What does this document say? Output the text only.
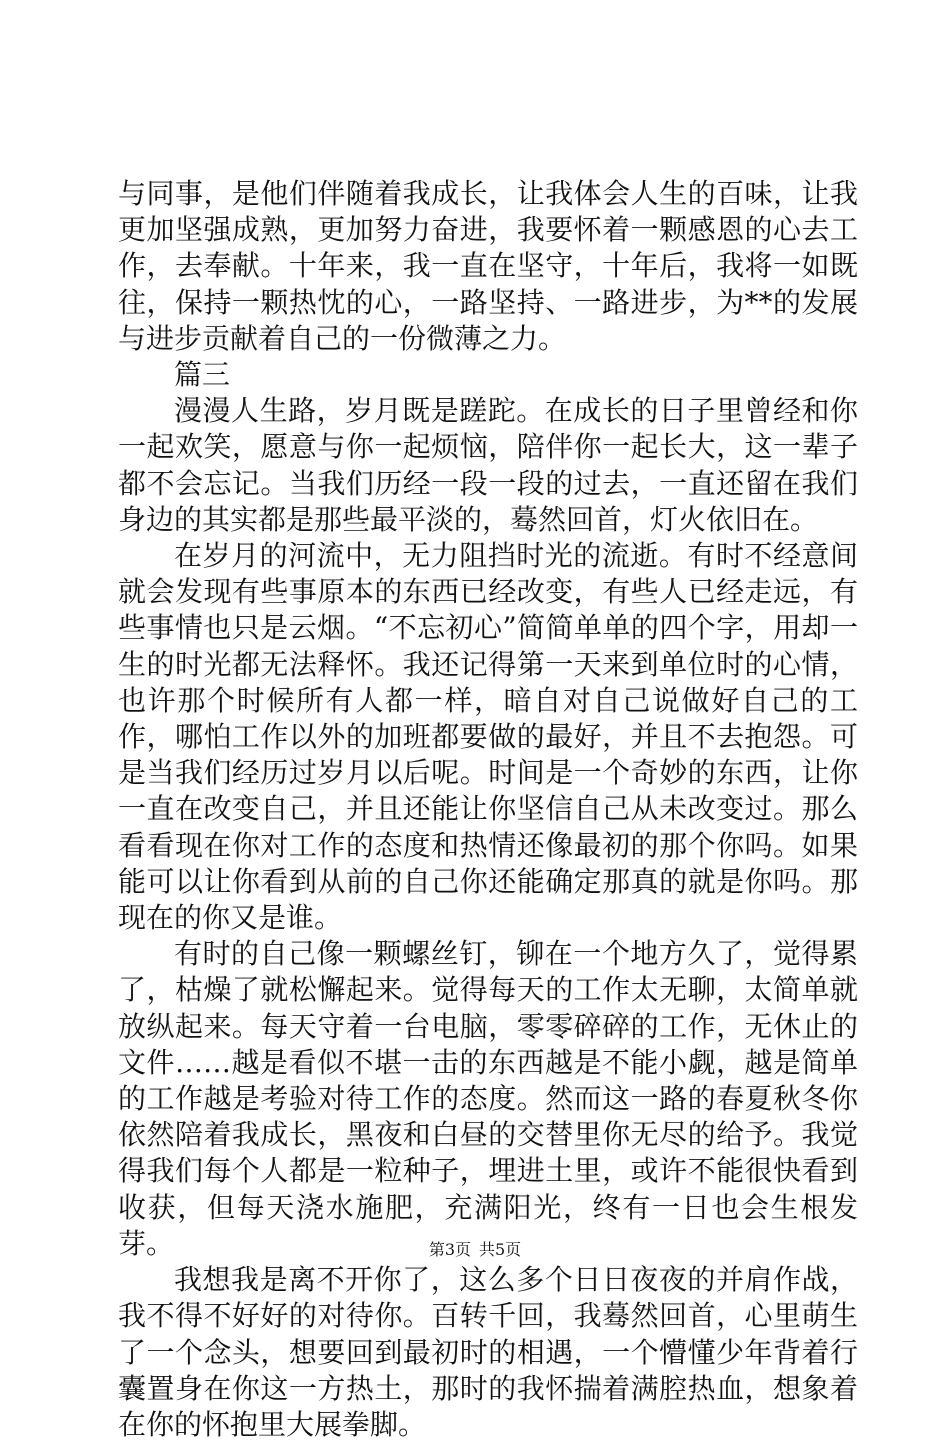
与同事，是他们伴随着我成长，让我体会人生的百味，让我更加坚强成熟，更加努力奋进，我要怀着一颗感恩的心去工作，去奉献。十年来，我一直在坚守，十年后，我将一如既往，保持一颗热忱的心，一路坚持、一路进步，为**的发展与进步贡献着自己的一份微薄之力。

篇三

漫漫人生路，岁月既是蹉跎。在成长的日子里曾经和你一起欢笑，愿意与你一起烦恼，陪伴你一起长大，这一辈子都不会忘记。当我们历经一段一段的过去，一直还留在我们身边的其实都是那些最平淡的，蓦然回首，灯火依旧在。

在岁月的河流中，无力阻挡时光的流逝。有时不经意间就会发现有些事原本的东西已经改变，有些人已经走远，有些事情也只是云烟。“不忘初心”简简单单的四个字，用却一生的时光都无法释怀。我还记得第一天来到单位时的心情，也许那个时候所有人都一样，暗自对自己说做好自己的工作，哪怕工作以外的加班都要做的最好，并且不去抱怨。可是当我们经历过岁月以后呢。时间是一个奇妙的东西，让你一直在改变自己，并且还能让你坚信自己从未改变过。那么看看现在你对工作的态度和热情还像最初的那个你吗。如果能可以让你看到从前的自己你还能确定那真的就是你吗。那现在的你又是谁。

有时的自己像一颗螺丝钉，铆在一个地方久了，觉得累了，枯燥了就松懈起来。觉得每天的工作太无聊，太简单就放纵起来。每天守着一台电脑，零零碎碎的工作，无休止的文件……越是看似不堪一击的东西越是不能小觑，越是简单的工作越是考验对待工作的态度。然而这一路的春夏秋冬你依然陪着我成长，黑夜和白昼的交替里你无尽的给予。我觉得我们每个人都是一粒种子，埋进土里，或许不能很快看到收获，但每天浇水施肥，充满阳光，终有一日也会生根发芽。

我想我是离不开你了，这么多个日日夜夜的并肩作战，我不得不好好的对待你。百转千回，我蓦然回首，心里萌生了一个念头，想要回到最初时的相遇，一个懵懂少年背着行囊置身在你这一方热土，那时的我怀揣着满腔热血，想象着在你的怀抱里大展拳脚。

第3页 共5页
